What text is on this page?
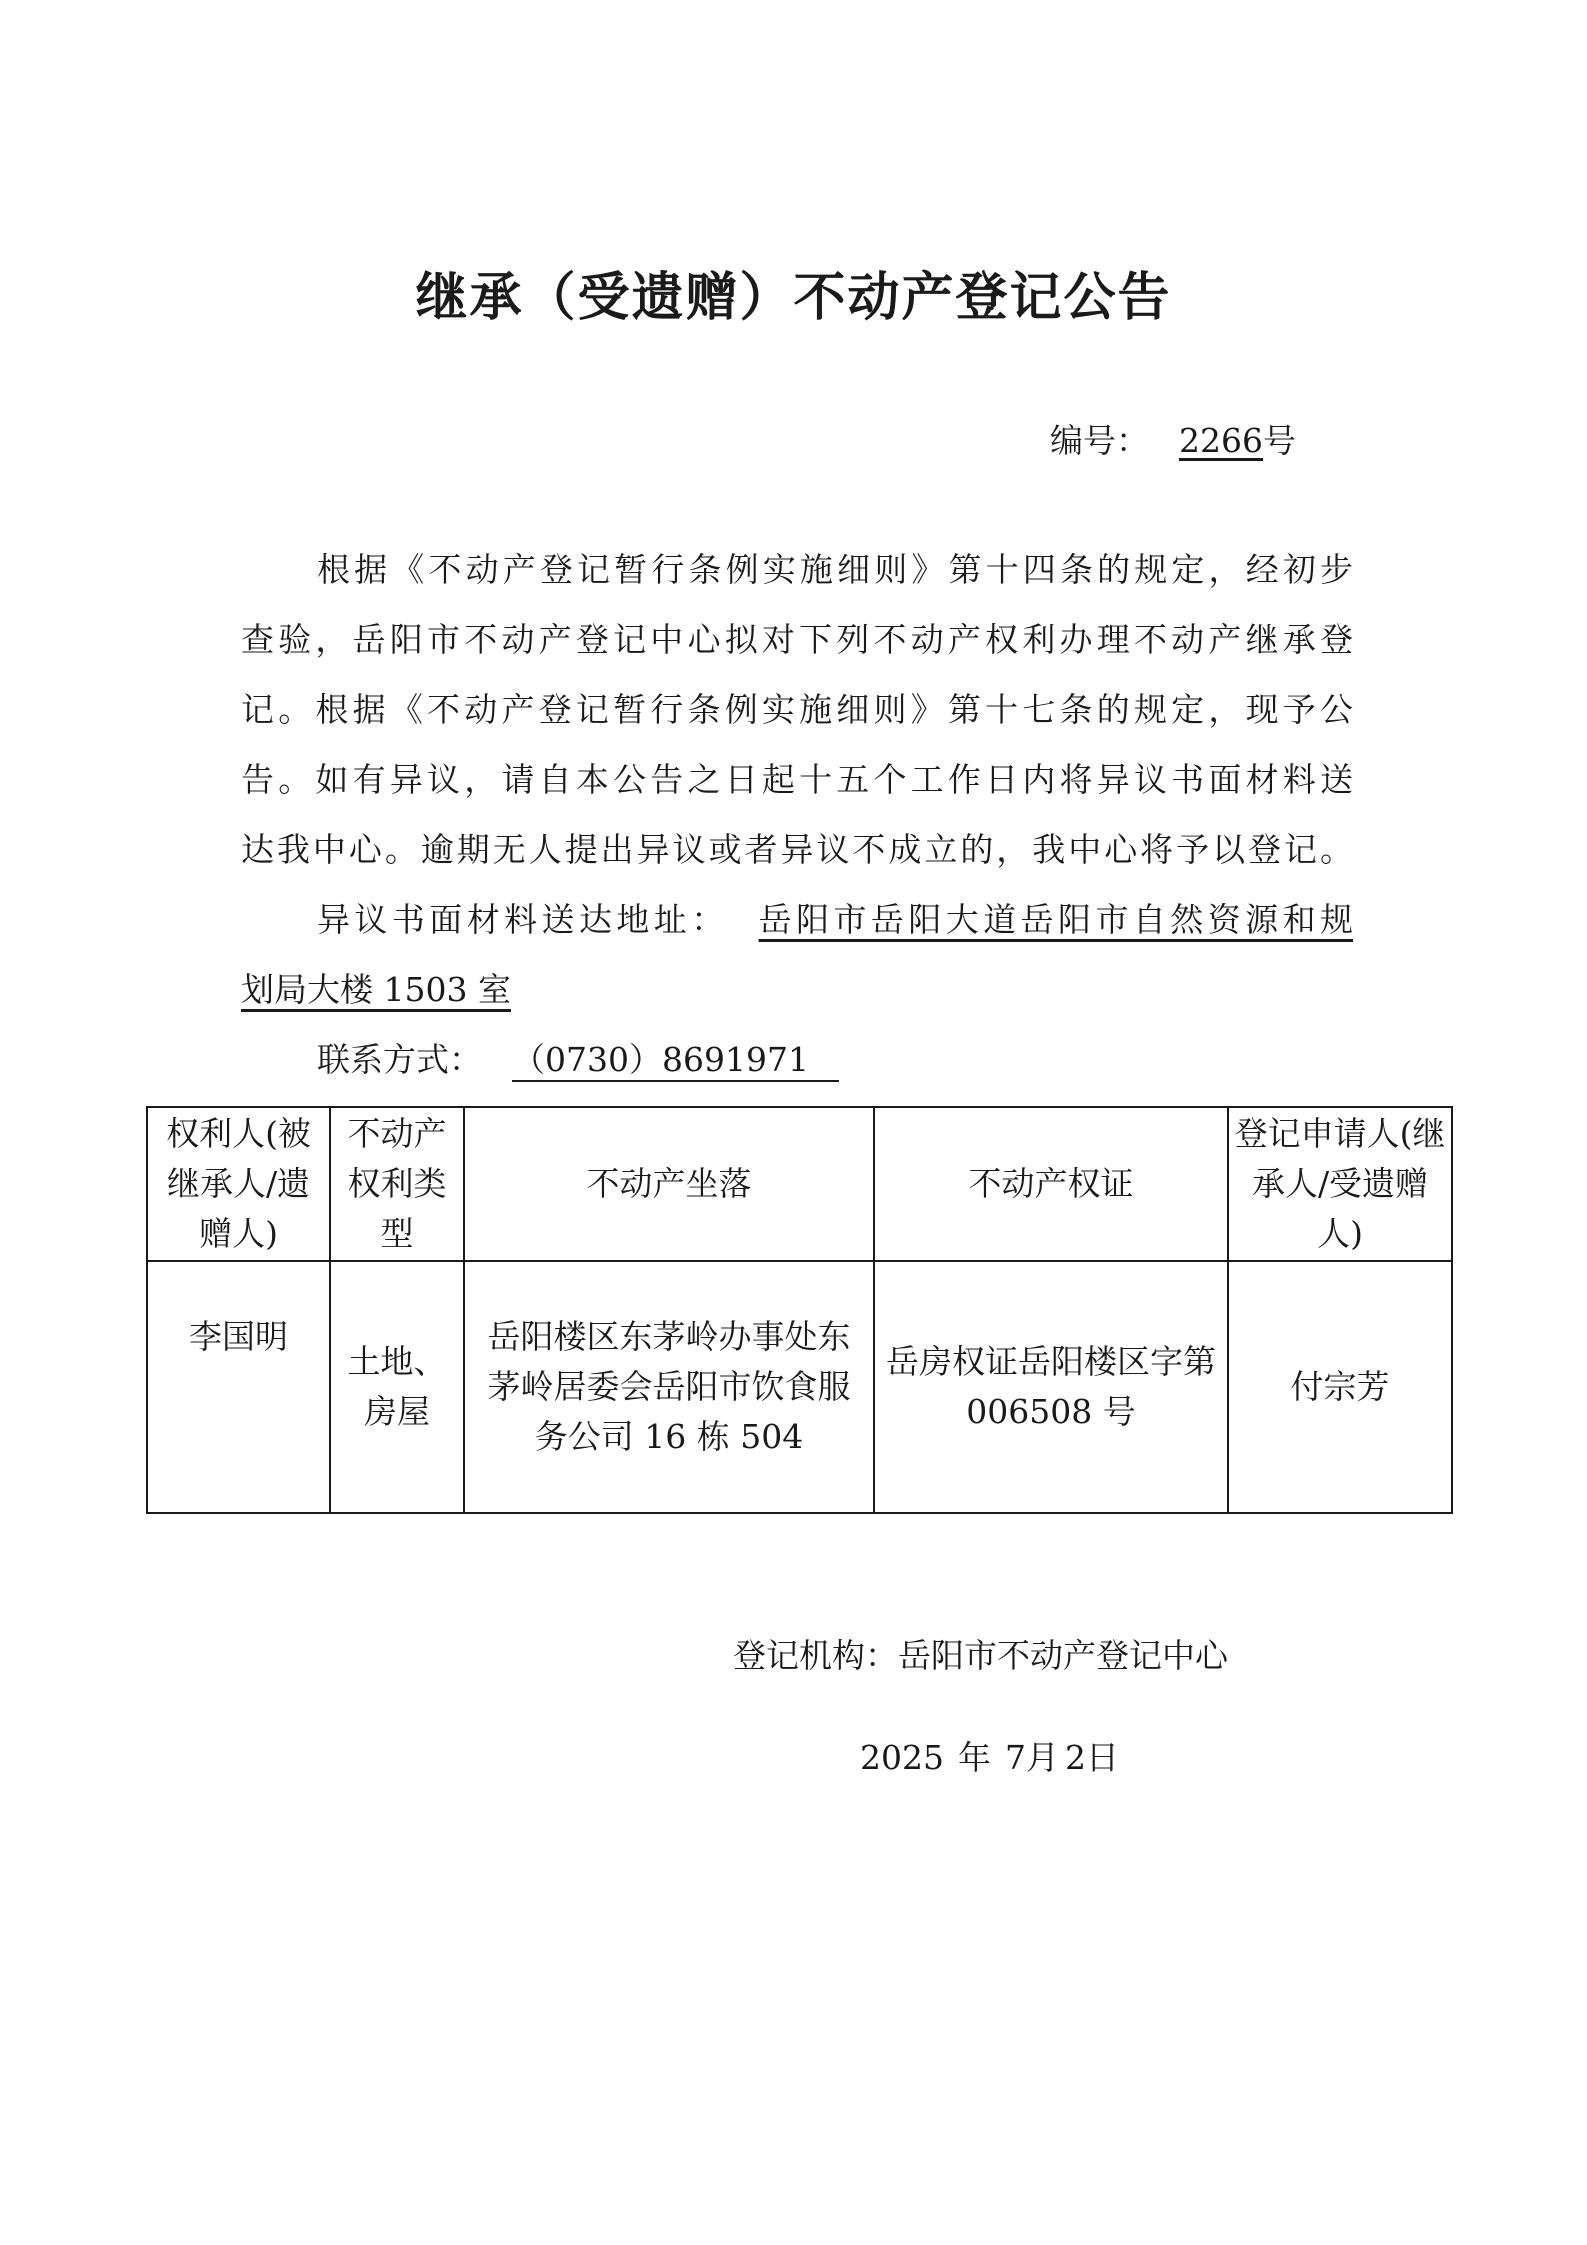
继承（受遗赠）不动产登记公告
编号： 2266号
根据《不动产登记暂行条例实施细则》第十四条的规定，经初步
查验，岳阳市不动产登记中心拟对下列不动产权利办理不动产继承登
记。根据《不动产登记暂行条例实施细则》第十七条的规定，现予公
告。如有异议，请自本公告之日起十五个工作日内将异议书面材料送
达我中心。逾期无人提出异议或者异议不成立的，我中心将予以登记。
异议书面材料送达地址： 岳阳市岳阳大道岳阳市自然资源和规
划局大楼 1503 室
联系方式： （0730）8691971
权利人(被继承人/遗赠人)	不动产权利类型	不动产坐落	不动产权证	登记申请人(继承人/受遗赠人)
李国明	土地、房屋	岳阳楼区东茅岭办事处东茅岭居委会岳阳市饮食服务公司 16 栋 504	岳房权证岳阳楼区字第 006508 号	付宗芳
登记机构：岳阳市不动产登记中心
2025 年 7月 2日
